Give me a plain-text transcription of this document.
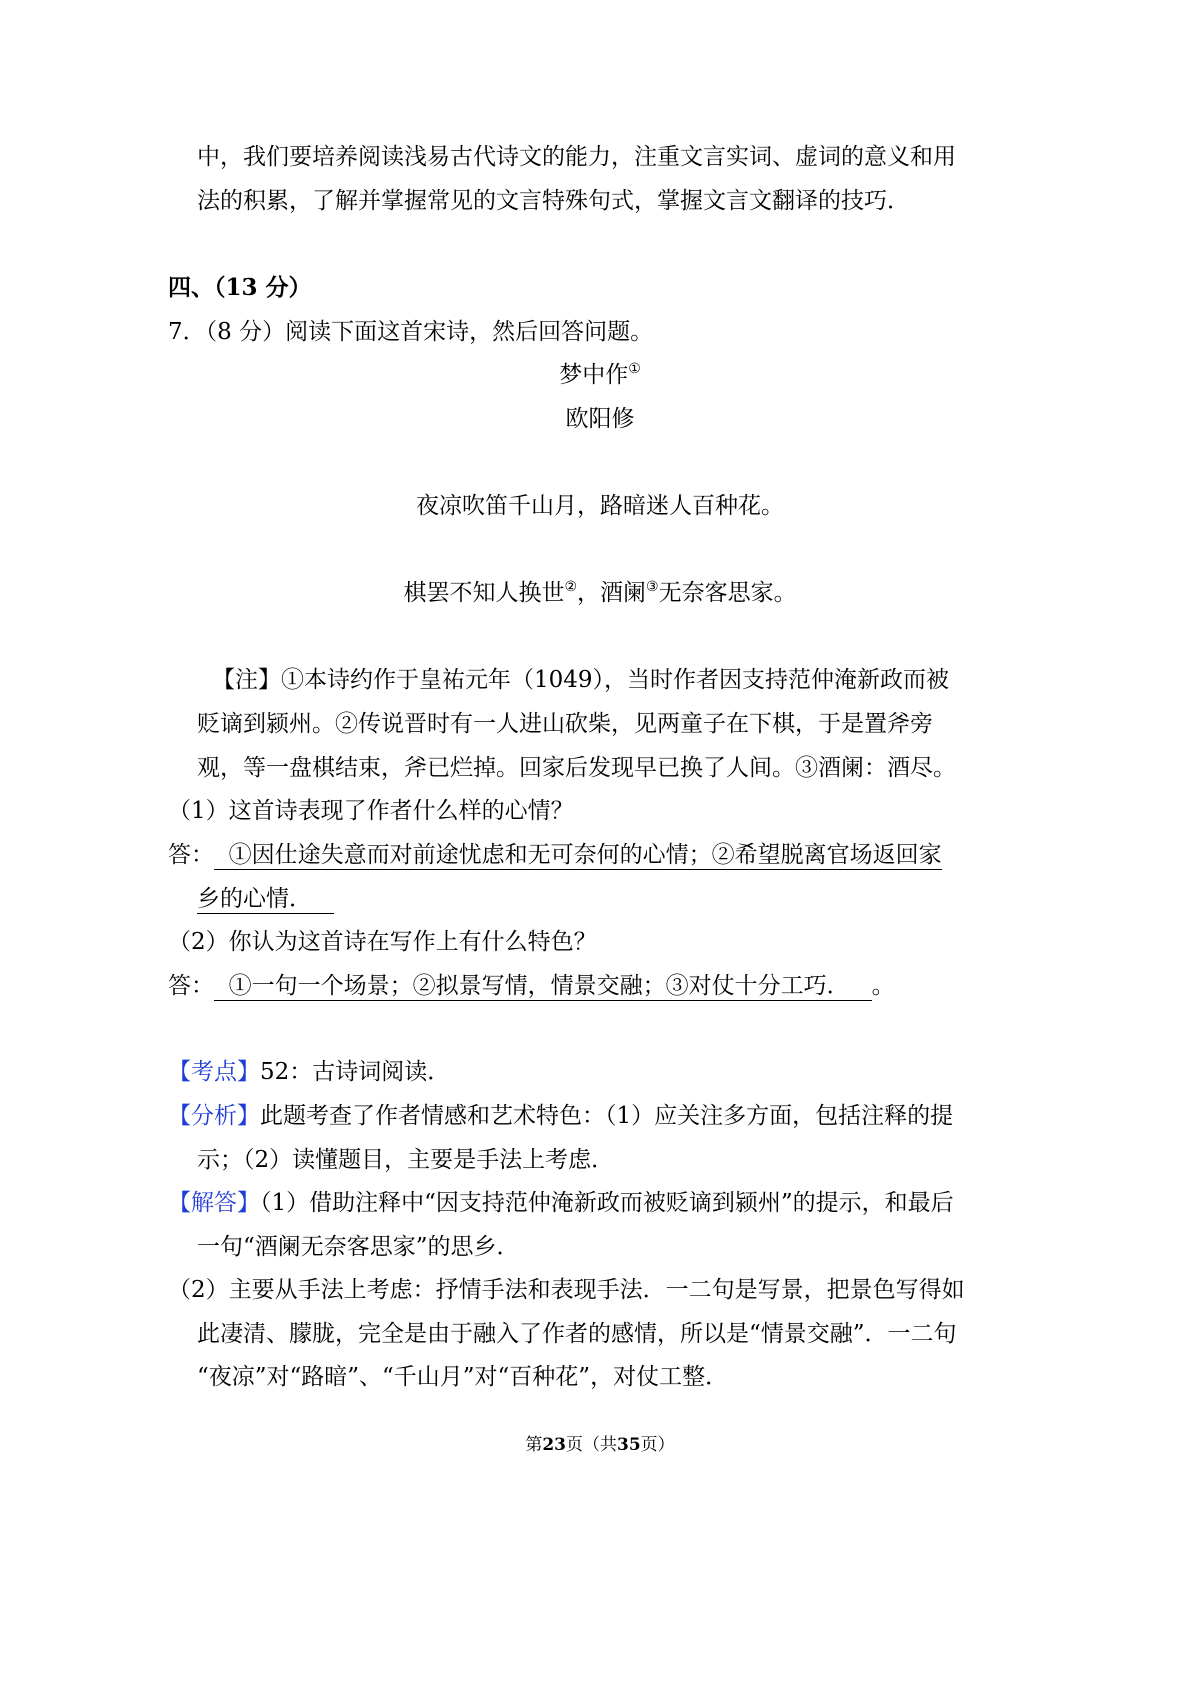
中，我们要培养阅读浅易古代诗文的能力，注重文言实词、虚词的意义和用
法的积累，了解并掌握常见的文言特殊句式，掌握文言文翻译的技巧．
四、（13 分）
7．（8 分）阅读下面这首宋诗，然后回答问题。
梦中作①
欧阳修
夜凉吹笛千山月，路暗迷人百种花。
棋罢不知人换世②，酒阑③无奈客思家。
【注】①本诗约作于皇祐元年（1049），当时作者因支持范仲淹新政而被
贬谪到颍州。②传说晋时有一人进山砍柴，见两童子在下棋，于是置斧旁
观，等一盘棋结束，斧已烂掉。回家后发现早已换了人间。③酒阑：酒尽。
（1）这首诗表现了作者什么样的心情？
答：  ①因仕途失意而对前途忧虑和无可奈何的心情；②希望脱离官场返回家
乡的心情．
（2）你认为这首诗在写作上有什么特色？
答：  ①一句一个场景；②拟景写情，情景交融；③对仗十分工巧．   。
【考点】52：古诗词阅读．
【分析】此题考查了作者情感和艺术特色：（1）应关注多方面，包括注释的提
示；（2）读懂题目，主要是手法上考虑．
【解答】（1）借助注释中“因支持范仲淹新政而被贬谪到颍州”的提示，和最后
一句“酒阑无奈客思家”的思乡．
（2）主要从手法上考虑：抒情手法和表现手法．一二句是写景，把景色写得如
此凄清、朦胧，完全是由于融入了作者的感情，所以是“情景交融”．一二句
“夜凉”对“路暗”、“千山月”对“百种花”，对仗工整．
第23页（共35页）
